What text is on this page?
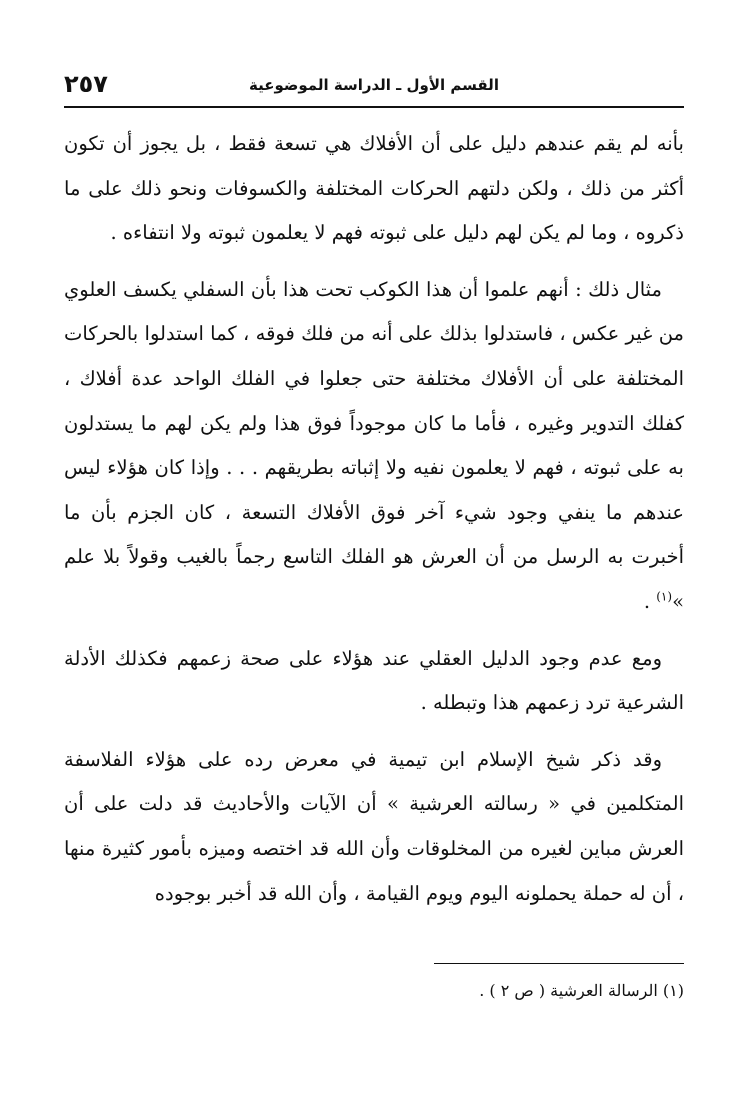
القسم الأول ـ الدراسة الموضوعية
٢٥٧

بأنه لم يقم عندهم دليل على أن الأفلاك هي تسعة فقط ، بل يجوز أن تكون أكثر من ذلك ، ولكن دلتهم الحركات المختلفة والكسوفات ونحو ذلك على ما ذكروه ، وما لم يكن لهم دليل على ثبوته فهم لا يعلمون ثبوته ولا انتفاءه .

مثال ذلك : أنهم علموا أن هذا الكوكب تحت هذا بأن السفلي يكسف العلوي من غير عكس ، فاستدلوا بذلك على أنه من فلك فوقه ، كما استدلوا بالحركات المختلفة على أن الأفلاك مختلفة حتى جعلوا في الفلك الواحد عدة أفلاك ، كفلك التدوير وغيره ، فأما ما كان موجوداً فوق هذا ولم يكن لهم ما يستدلون به على ثبوته ، فهم لا يعلمون نفيه ولا إثباته بطريقهم . . . وإذا كان هؤلاء ليس عندهم ما ينفي وجود شيء آخر فوق الأفلاك التسعة ، كان الجزم بأن ما أخبرت به الرسل من أن العرش هو الفلك التاسع رجماً بالغيب وقولاً بلا علم »$^{(١)}$ .

ومع عدم وجود الدليل العقلي عند هؤلاء على صحة زعمهم فكذلك الأدلة الشرعية ترد زعمهم هذا وتبطله .

وقد ذكر شيخ الإسلام ابن تيمية في معرض رده على هؤلاء الفلاسفة المتكلمين في « رسالته العرشية » أن الآيات والأحاديث قد دلت على أن العرش مباين لغيره من المخلوقات وأن الله قد اختصه وميزه بأمور كثيرة منها ، أن له حملة يحملونه اليوم ويوم القيامة ، وأن الله قد أخبر بوجوده

(١) الرسالة العرشية ( ص ٢ ) .
